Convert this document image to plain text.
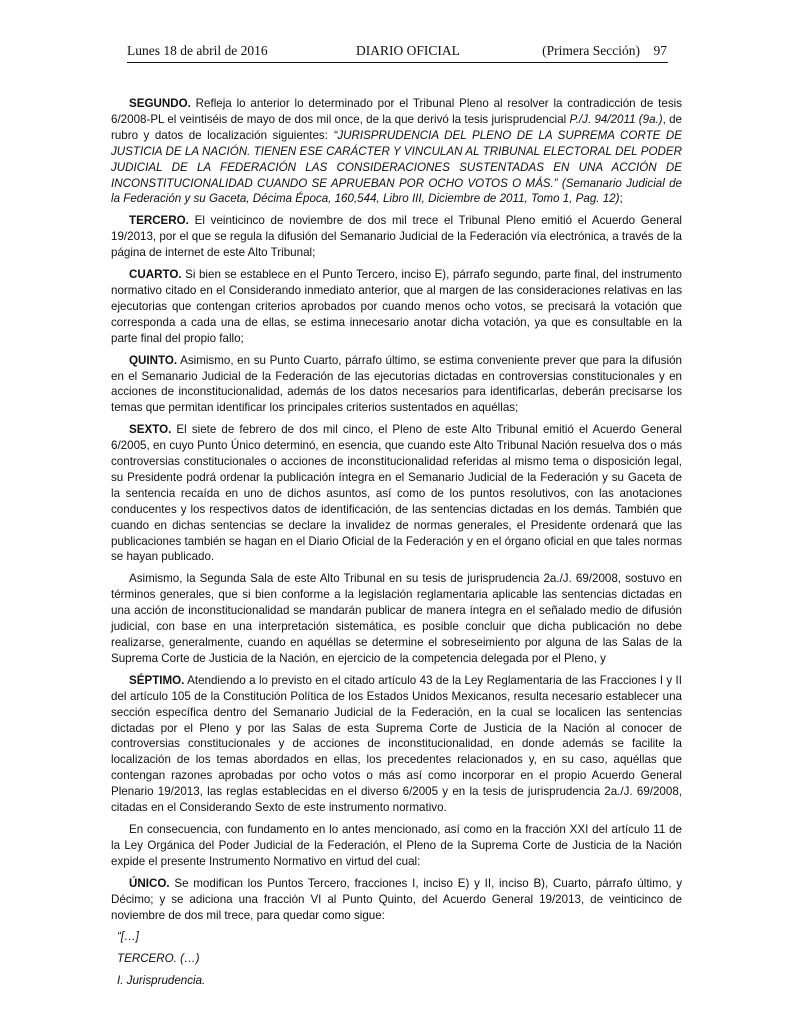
Lunes 18 de abril de 2016	DIARIO OFICIAL	(Primera Sección) 97

SEGUNDO. Refleja lo anterior lo determinado por el Tribunal Pleno al resolver la contradicción de tesis 6/2008-PL el veintiséis de mayo de dos mil once, de la que derivó la tesis jurisprudencial P./J. 94/2011 (9a.), de rubro y datos de localización siguientes: “JURISPRUDENCIA DEL PLENO DE LA SUPREMA CORTE DE JUSTICIA DE LA NACIÓN. TIENEN ESE CARÁCTER Y VINCULAN AL TRIBUNAL ELECTORAL DEL PODER JUDICIAL DE LA FEDERACIÓN LAS CONSIDERACIONES SUSTENTADAS EN UNA ACCIÓN DE INCONSTITUCIONALIDAD CUANDO SE APRUEBAN POR OCHO VOTOS O MÁS.” (Semanario Judicial de la Federación y su Gaceta, Décima Época, 160,544, Libro III, Diciembre de 2011, Tomo 1, Pag. 12);

TERCERO. El veinticinco de noviembre de dos mil trece el Tribunal Pleno emitió el Acuerdo General 19/2013, por el que se regula la difusión del Semanario Judicial de la Federación vía electrónica, a través de la página de internet de este Alto Tribunal;

CUARTO. Si bien se establece en el Punto Tercero, inciso E), párrafo segundo, parte final, del instrumento normativo citado en el Considerando inmediato anterior, que al margen de las consideraciones relativas en las ejecutorias que contengan criterios aprobados por cuando menos ocho votos, se precisará la votación que corresponda a cada una de ellas, se estima innecesario anotar dicha votación, ya que es consultable en la parte final del propio fallo;

QUINTO. Asimismo, en su Punto Cuarto, párrafo último, se estima conveniente prever que para la difusión en el Semanario Judicial de la Federación de las ejecutorias dictadas en controversias constitucionales y en acciones de inconstitucionalidad, además de los datos necesarios para identificarlas, deberán precisarse los temas que permitan identificar los principales criterios sustentados en aquéllas;

SEXTO. El siete de febrero de dos mil cinco, el Pleno de este Alto Tribunal emitió el Acuerdo General 6/2005, en cuyo Punto Único determinó, en esencia, que cuando este Alto Tribunal Nación resuelva dos o más controversias constitucionales o acciones de inconstitucionalidad referidas al mismo tema o disposición legal, su Presidente podrá ordenar la publicación íntegra en el Semanario Judicial de la Federación y su Gaceta de la sentencia recaída en uno de dichos asuntos, así como de los puntos resolutivos, con las anotaciones conducentes y los respectivos datos de identificación, de las sentencias dictadas en los demás. También que cuando en dichas sentencias se declare la invalidez de normas generales, el Presidente ordenará que las publicaciones también se hagan en el Diario Oficial de la Federación y en el órgano oficial en que tales normas se hayan publicado.

Asimismo, la Segunda Sala de este Alto Tribunal en su tesis de jurisprudencia 2a./J. 69/2008, sostuvo en términos generales, que si bien conforme a la legislación reglamentaria aplicable las sentencias dictadas en una acción de inconstitucionalidad se mandarán publicar de manera íntegra en el señalado medio de difusión judicial, con base en una interpretación sistemática, es posible concluir que dicha publicación no debe realizarse, generalmente, cuando en aquéllas se determine el sobreseimiento por alguna de las Salas de la Suprema Corte de Justicia de la Nación, en ejercicio de la competencia delegada por el Pleno, y

SÉPTIMO. Atendiendo a lo previsto en el citado artículo 43 de la Ley Reglamentaria de las Fracciones I y II del artículo 105 de la Constitución Política de los Estados Unidos Mexicanos, resulta necesario establecer una sección específica dentro del Semanario Judicial de la Federación, en la cual se localicen las sentencias dictadas por el Pleno y por las Salas de esta Suprema Corte de Justicia de la Nación al conocer de controversias constitucionales y de acciones de inconstitucionalidad, en donde además se facilite la localización de los temas abordados en ellas, los precedentes relacionados y, en su caso, aquéllas que contengan razones aprobadas por ocho votos o más así como incorporar en el propio Acuerdo General Plenario 19/2013, las reglas establecidas en el diverso 6/2005 y en la tesis de jurisprudencia 2a./J. 69/2008, citadas en el Considerando Sexto de este instrumento normativo.

En consecuencia, con fundamento en lo antes mencionado, así como en la fracción XXI del artículo 11 de la Ley Orgánica del Poder Judicial de la Federación, el Pleno de la Suprema Corte de Justicia de la Nación expide el presente Instrumento Normativo en virtud del cual:

ÚNICO. Se modifican los Puntos Tercero, fracciones I, inciso E) y II, inciso B), Cuarto, párrafo último, y Décimo; y se adiciona una fracción VI al Punto Quinto, del Acuerdo General 19/2013, de veinticinco de noviembre de dos mil trece, para quedar como sigue:

“[…]

TERCERO. (…)

I. Jurisprudencia.
